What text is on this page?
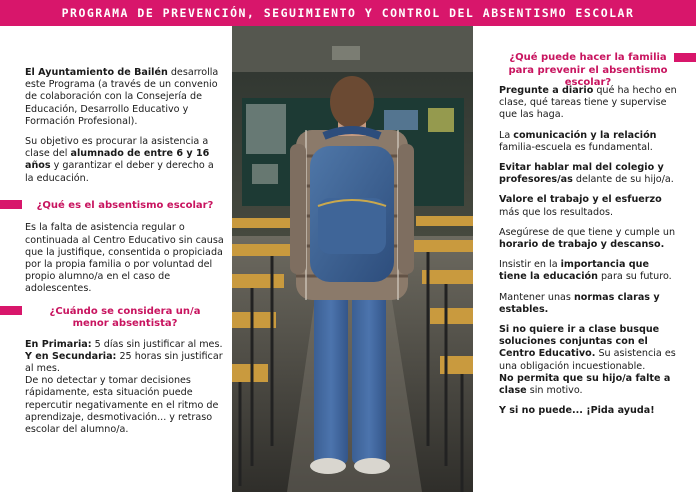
PROGRAMA DE PREVENCIÓN, SEGUIMIENTO Y CONTROL DEL ABSENTISMO ESCOLAR

El Ayuntamiento de Bailén desarrolla este Programa (a través de un convenio de colaboración con la Consejería de Educación, Desarrollo Educativo y Formación Profesional).

Su objetivo es procurar la asistencia a clase del alumnado de entre 6 y 16 años y garantizar el deber y derecho a la educación.

¿Qué es el absentismo escolar?

Es la falta de asistencia regular o continuada al Centro Educativo sin causa que la justifique, consentida o propiciada por la propia familia o por voluntad del propio alumno/a en el caso de adolescentes.

¿Cuándo se considera un/a menor absentista?
En Primaria: 5 días sin justificar al mes.
Y en Secundaria: 25 horas sin justificar al mes.
De no detectar y tomar decisiones rápidamente, esta situación puede repercutir negativamente en el ritmo de aprendizaje, desmotivación... y retraso escolar del alumno/a.
¿Qué puede hacer la familia para prevenir el absentismo escolar?

Pregunte a diario qué ha hecho en clase, qué tareas tiene y supervise que las haga.

La comunicación y la relación familia-escuela es fundamental.

Evitar hablar mal del colegio y profesores/as delante de su hijo/a.

Valore el trabajo y el esfuerzo más que los resultados.

Asegúrese de que tiene y cumple un horario de trabajo y descanso.

Insistir en la importancia que tiene la educación para su futuro.

Mantener unas normas claras y estables.

Si no quiere ir a clase busque soluciones conjuntas con el Centro Educativo. Su asistencia es una obligación incuestionable.
No permita que su hijo/a falte a clase sin motivo.

Y si no puede... ¡Pida ayuda!
